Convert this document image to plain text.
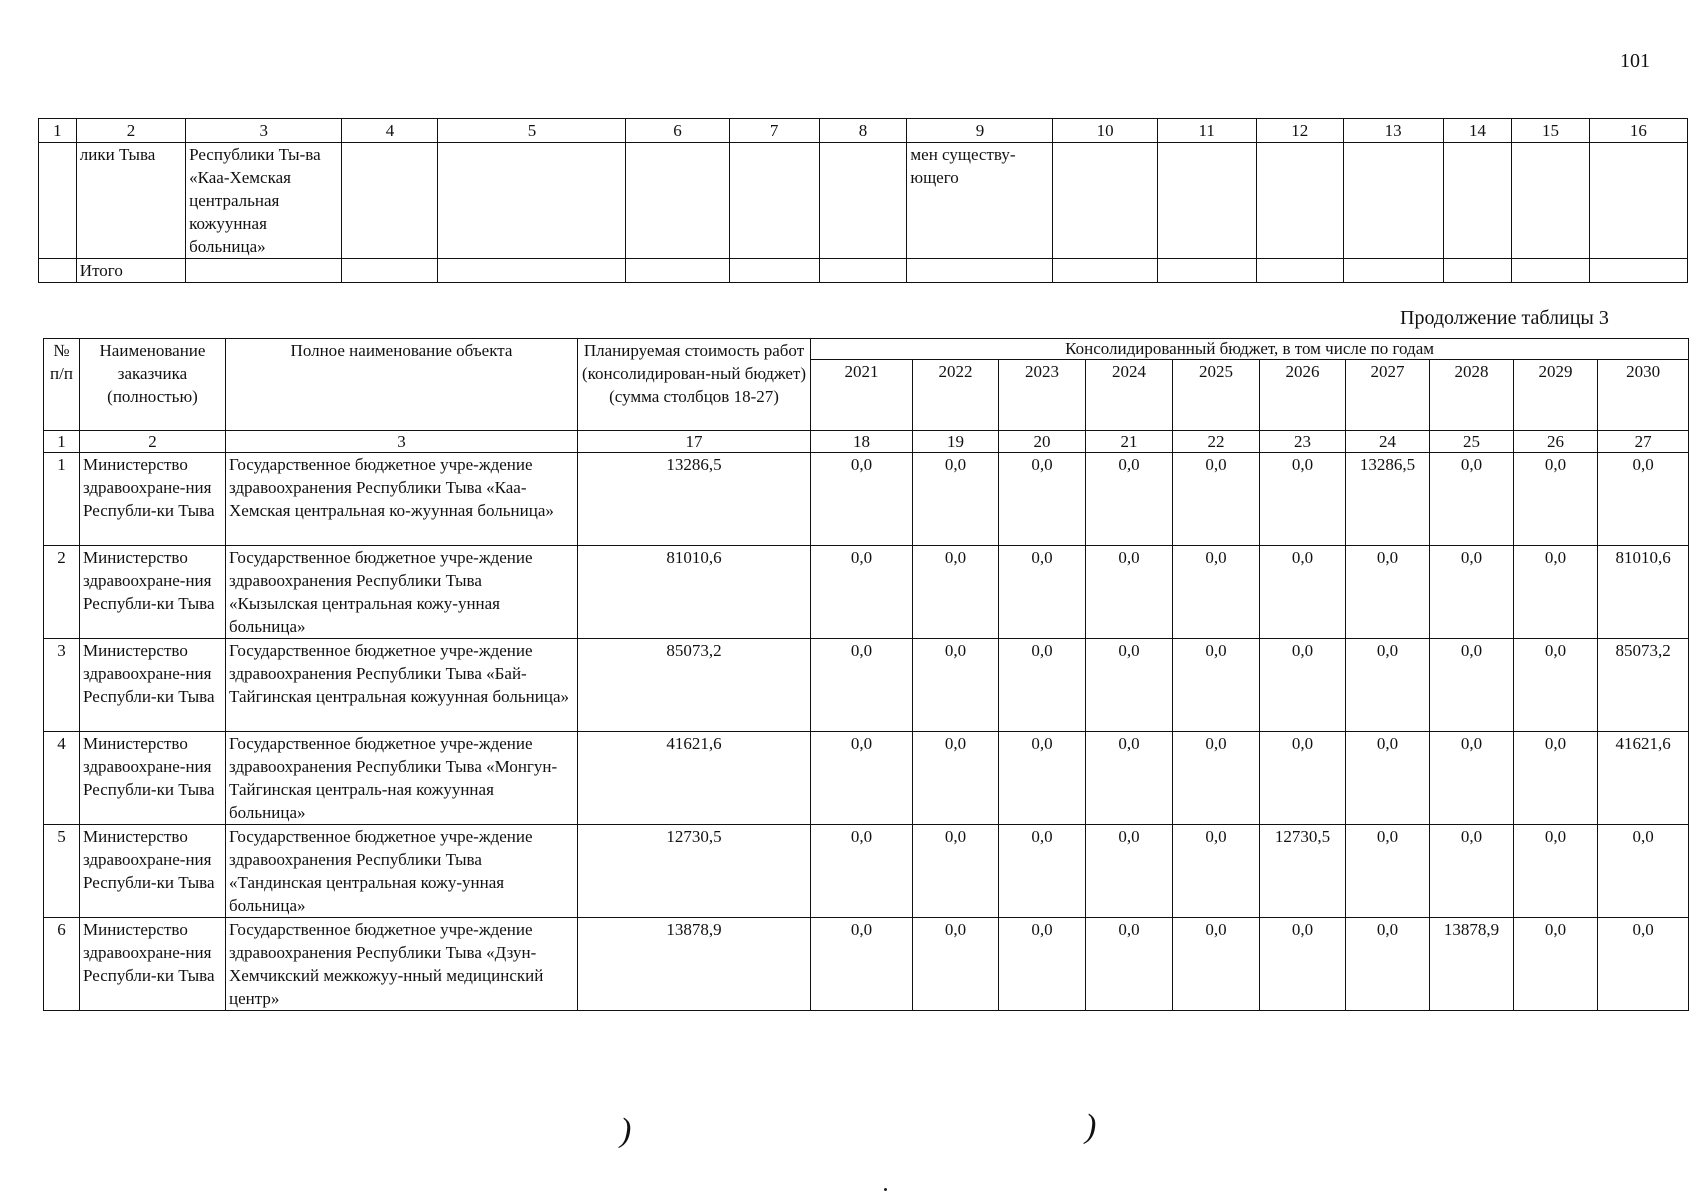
101
1	2	3	4	5	6	7	8	9	10	11	12	13	14	15	16
	лики Тыва	Республики Ты-ва «Каа-Хемская центральная кожуунная больница»						мен существу-ющего							
	Итого														
Продолжение таблицы 3
№ п/п	Наименование заказчика (полностью)	Полное наименование объекта	Планируемая стоимость работ (консолидирован-ный бюджет) (сумма столбцов 18-27)	Консолидированный бюджет, в том числе по годам									
				2021	2022	2023	2024	2025	2026	2027	2028	2029	2030
1	2	3	17	18	19	20	21	22	23	24	25	26	27
1	Министерство здравоохране-ния Республи-ки Тыва	Государственное бюджетное учре-ждение здравоохранения Республики Тыва «Каа-Хемская центральная ко-жуунная больница»	13286,5	0,0	0,0	0,0	0,0	0,0	0,0	13286,5	0,0	0,0	0,0
2	Министерство здравоохране-ния Республи-ки Тыва	Государственное бюджетное учре-ждение здравоохранения Республики Тыва «Кызылская центральная кожу-унная больница»	81010,6	0,0	0,0	0,0	0,0	0,0	0,0	0,0	0,0	0,0	81010,6
3	Министерство здравоохране-ния Республи-ки Тыва	Государственное бюджетное учре-ждение здравоохранения Республики Тыва «Бай-Тайгинская центральная кожуунная больница»	85073,2	0,0	0,0	0,0	0,0	0,0	0,0	0,0	0,0	0,0	85073,2
4	Министерство здравоохране-ния Республи-ки Тыва	Государственное бюджетное учре-ждение здравоохранения Республики Тыва «Монгун-Тайгинская централь-ная кожуунная больница»	41621,6	0,0	0,0	0,0	0,0	0,0	0,0	0,0	0,0	0,0	41621,6
5	Министерство здравоохране-ния Республи-ки Тыва	Государственное бюджетное учре-ждение здравоохранения Республики Тыва «Тандинская центральная кожу-унная больница»	12730,5	0,0	0,0	0,0	0,0	0,0	12730,5	0,0	0,0	0,0	0,0
6	Министерство здравоохране-ния Республи-ки Тыва	Государственное бюджетное учре-ждение здравоохранения Республики Тыва «Дзун-Хемчикский межкожуу-нный медицинский центр»	13878,9	0,0	0,0	0,0	0,0	0,0	0,0	0,0	13878,9	0,0	0,0
)	)
